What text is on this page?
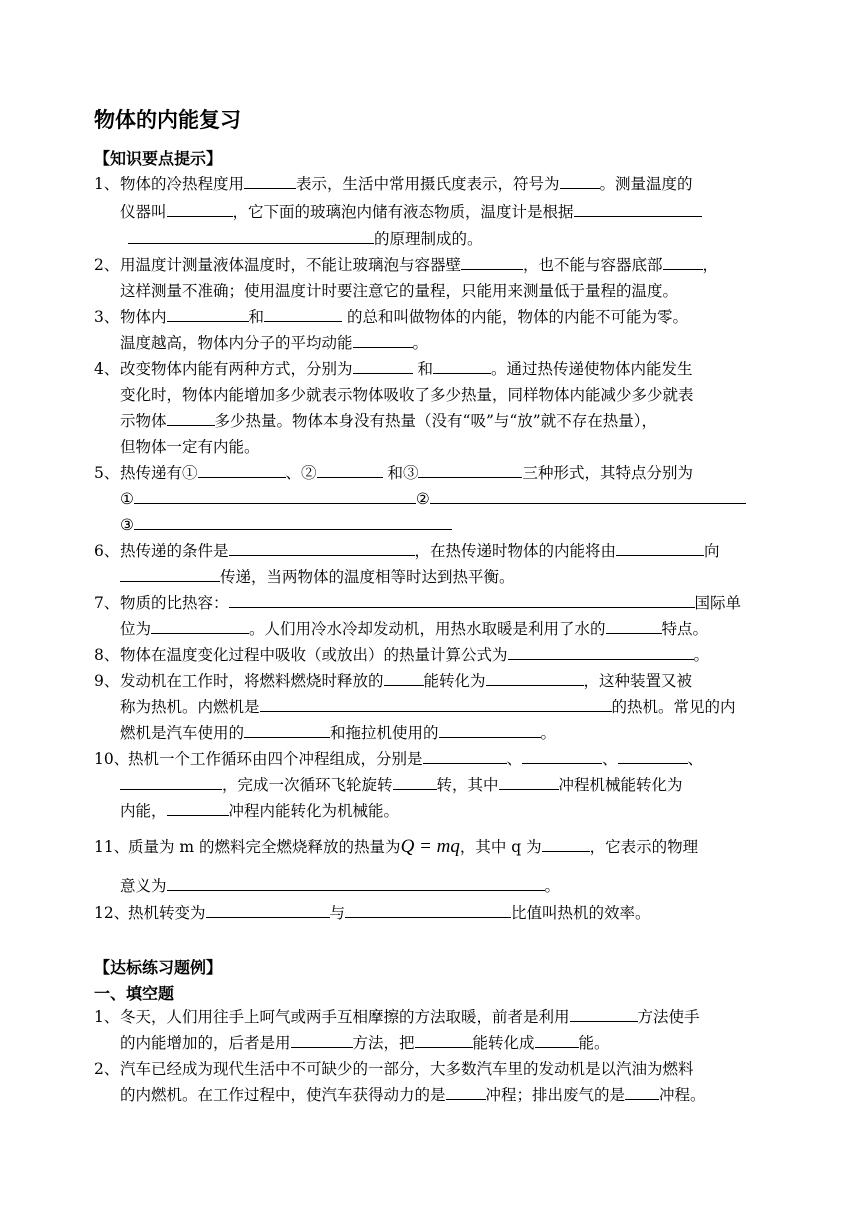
物体的内能复习
【知识要点提示】
1、 物体的冷热程度用	表示，生活中常用摄氏度表示，符号为	。测量温度的
仪器叫	，它下面的玻璃泡内储有液态物质，温度计是根据
的原理制成的。
2、 用温度计测量液体温度时，不能让玻璃泡与容器壁	，也不能与容器底部	，
这样测量不准确；使用温度计时要注意它的量程，只能用来测量低于量程的温度。
3、 物体内	和	的总和叫做物体的内能，物体的内能不可能为零。
温度越高，物体内分子的平均动能	。
4、 改变物体内能有两种方式，分别为	和	。通过热传递使物体内能发生
变化时，物体内能增加多少就表示物体吸收了多少热量，同样物体内能减少多少就表
示物体	多少热量。物体本身没有热量（没有“吸”与“放”就不存在热量），
但物体一定有内能。
5、 热传递有①	、②	和③	三种形式，其特点分别为
①	②
③
6、 热传递的条件是	，在热传递时物体的内能将由	向
传递，当两物体的温度相等时达到热平衡。
7、 物质的比热容：	国际单
位为	。人们用冷水冷却发动机，用热水取暖是利用了水的	特点。
8、 物体在温度变化过程中吸收（或放出）的热量计算公式为	。
9、 发动机在工作时，将燃料燃烧时释放的	能转化为	，这种装置又被
称为热机。内燃机是	的热机。常见的内
燃机是汽车使用的	和拖拉机使用的	。
10、
热机一个工作循环由四个冲程组成，分别是	、	、	、
，完成一次循环飞轮旋转	转，其中	冲程机械能转化为
内能，	冲程内能转化为机械能。
11、
质量为 m 的燃料完全燃烧释放的热量为Q = mq，其中 q 为	，它表示的物理
意义为	。
12、
热机转变为	与	比值叫热机的效率。
【达标练习题例】
一、填空题
1、 冬天，人们用往手上呵气或两手互相摩擦的方法取暖，前者是利用	方法使手
的内能增加的，后者是用	方法，把	能转化成	能。
2、 汽车已经成为现代生活中不可缺少的一部分，大多数汽车里的发动机是以汽油为燃料
的内燃机。在工作过程中，使汽车获得动力的是	冲程；排出废气的是 冲程。
